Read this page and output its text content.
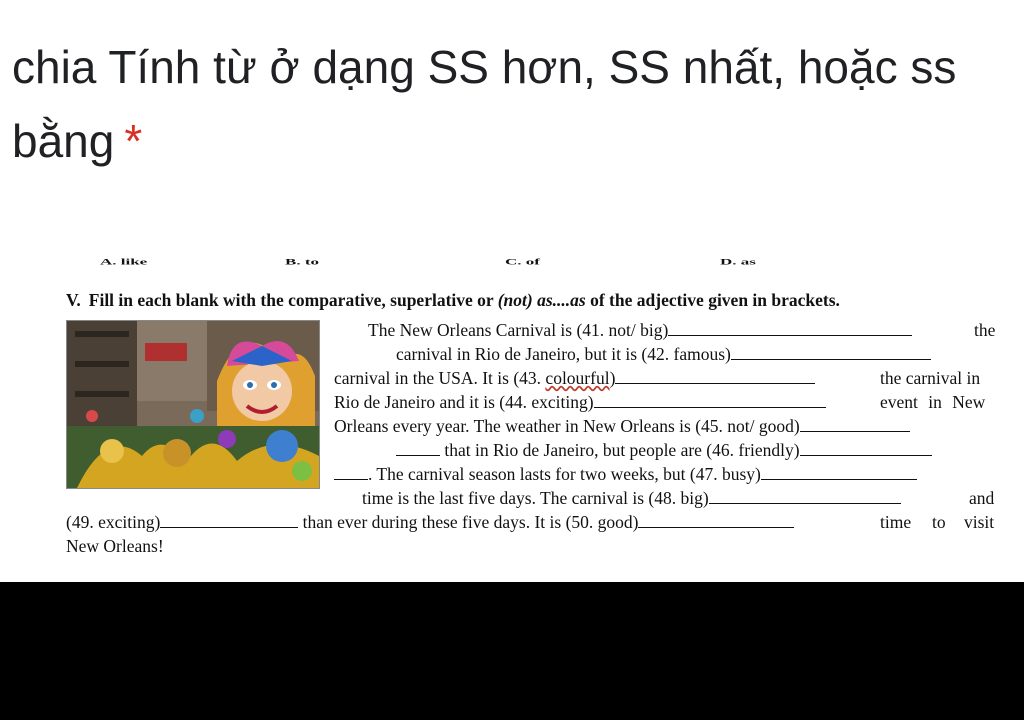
chia Tính từ ở dạng SS hơn, SS nhất, hoặc ss
bằng *
A. like	B. to	C. of	D. as
V. Fill in each blank with the comparative, superlative or (not) as....as of the adjective given in brackets.
The New Orleans Carnival is (41. not/ big)	the
carnival in Rio de Janeiro, but it is (42. famous)
carnival in the USA. It is (43. colourful)	the carnival in
Rio de Janeiro and it is (44. exciting)	event in New
Orleans every year. The weather in New Orleans is (45. not/ good)
that in Rio de Janeiro, but people are (46. friendly)
. The carnival season lasts for two weeks, but (47. busy)
time is the last five days. The carnival is (48. big)	and
(49. exciting)	than ever during these five days. It is (50. good)	time to visit
New Orleans!
